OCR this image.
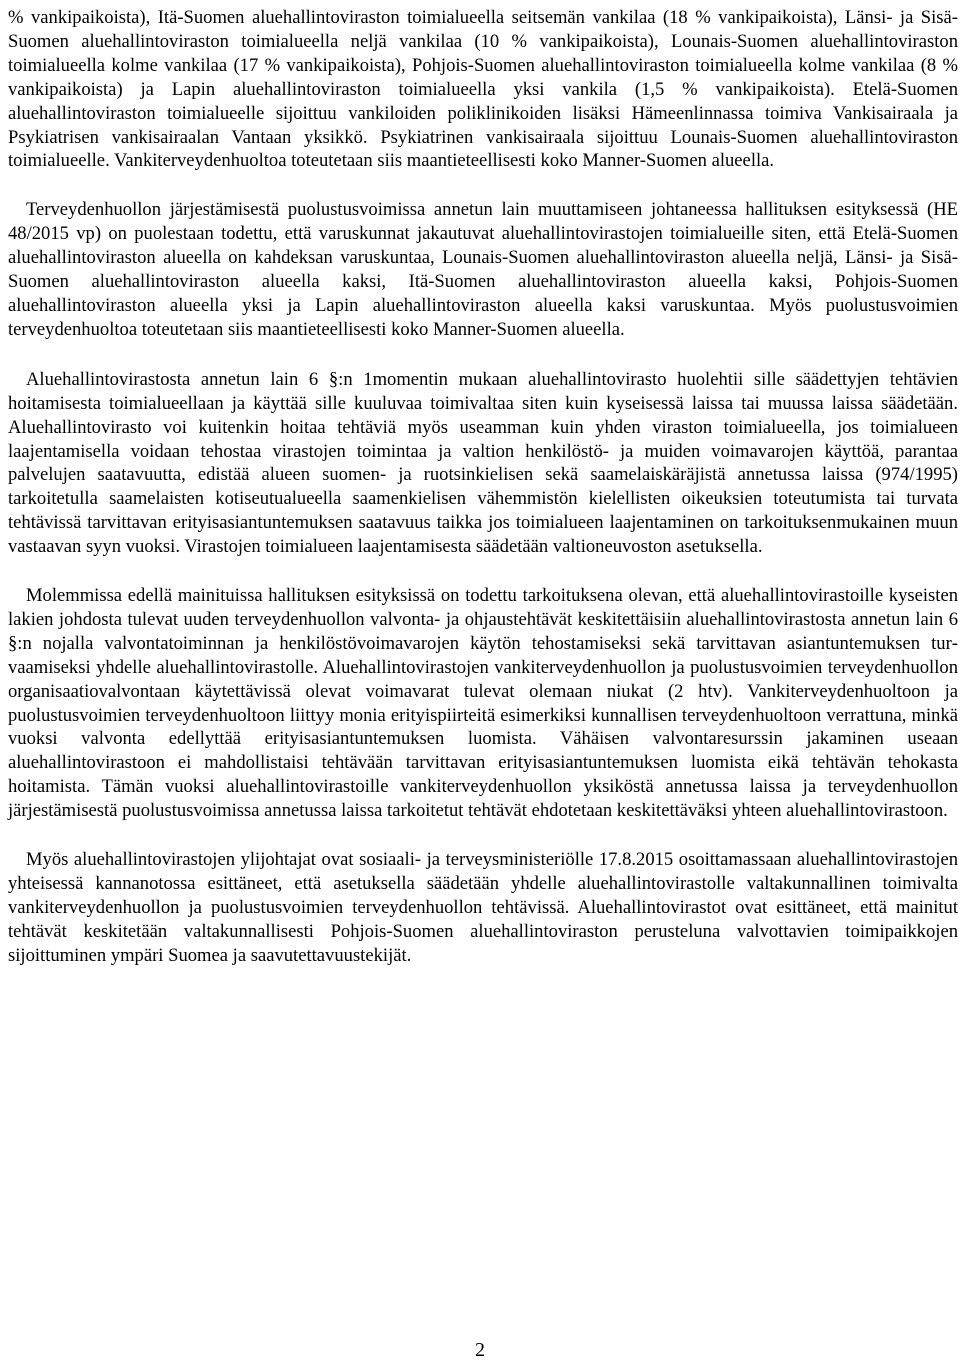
% vankipaikoista), Itä-Suomen aluehallintoviraston toimialueella seitsemän vankilaa (18 % vankipaikoista), Länsi- ja Sisä-Suomen aluehallintoviraston toimialueella neljä vankilaa (10 % vankipaikoista), Lounais-Suomen aluehallintoviraston toimialueella kolme vankilaa (17 % vankipaikoista), Pohjois-Suomen aluehallintoviraston toimialueella kolme vankilaa (8 % vankipaikoista) ja Lapin aluehallintoviraston toimialueella yksi vankila (1,5 % vankipaikoista). Etelä-Suomen aluehallintoviraston toimialueelle sijoittuu vankiloiden poliklinikoiden lisäksi Hämeenlinnassa toimiva Vankisairaala ja Psykiatrisen vankisairaalan Vantaan yksikkö. Psykiatrinen vankisairaala sijoittuu Lounais-Suomen aluehallintoviraston toimialueelle. Vankiterveydenhuoltoa toteutetaan siis maantieteellisesti koko Manner-Suomen alueella.

Terveydenhuollon järjestämisestä puolustusvoimissa annetun lain muuttamiseen johtaneessa hallituksen esityksessä (HE 48/2015 vp) on puolestaan todettu, että varuskunnat jakautuvat aluehallintovirastojen toimialueille siten, että Etelä-Suomen aluehallintoviraston alueella on kahdeksan varuskuntaa, Lounais-Suomen aluehallintoviraston alueella neljä, Länsi- ja Sisä-Suomen aluehallintoviraston alueella kaksi, Itä-Suomen aluehallintoviraston alueella kaksi, Pohjois-Suomen aluehallintoviraston alueella yksi ja Lapin aluehallintoviraston alueella kaksi varuskuntaa. Myös puolustusvoimien terveydenhuoltoa toteutetaan siis maantieteellisesti koko Manner-Suomen alueella.

Aluehallintovirastosta annetun lain 6 §:n 1momentin mukaan aluehallintovirasto huolehtii sille säädettyjen tehtävien hoitamisesta toimialueellaan ja käyttää sille kuuluvaa toimivaltaa siten kuin kyseisessä laissa tai muussa laissa säädetään. Aluehallintovirasto voi kuitenkin hoitaa tehtäviä myös useamman kuin yhden viraston toimialueella, jos toimialueen laajentamisella voidaan tehostaa virastojen toimintaa ja valtion henkilöstö- ja muiden voimavarojen käyttöä, parantaa palvelujen saatavuutta, edistää alueen suomen- ja ruotsinkielisen sekä saamelaiskäräjistä annetussa laissa (974/1995) tarkoitetulla saamelaisten kotiseutualueella saamenkielisen vähemmistön kielellisten oikeuksien toteutumista tai turvata tehtävissä tarvittavan erityisasiantuntemuksen saatavuus taikka jos toimialueen laajentaminen on tarkoituksenmukainen muun vastaavan syyn vuoksi. Virastojen toimialueen laajentamisesta säädetään valtioneuvoston asetuksella.

Molemmissa edellä mainituissa hallituksen esityksissä on todettu tarkoituksena olevan, että aluehallintovirastoille kyseisten lakien johdosta tulevat uuden terveydenhuollon valvonta- ja ohjaustehtävät keskitettäisiin aluehallintovirastosta annetun lain 6 §:n nojalla valvontatoiminnan ja henkilöstövoimavarojen käytön tehostamiseksi sekä tarvittavan asiantuntemuksen turvaamiseksi yhdelle aluehallintovirastolle. Aluehallintovirastojen vankiterveydenhuollon ja puolustusvoimien terveydenhuollon organisaatiovalvontaan käytettävissä olevat voimavarat tulevat olemaan niukat (2 htv). Vankiterveydenhuoltoon ja puolustusvoimien terveydenhuoltoon liittyy monia erityispiirteitä esimerkiksi kunnallisen terveydenhuoltoon verrattuna, minkä vuoksi valvonta edellyttää erityisasiantuntemuksen luomista. Vähäisen valvontaresurssin jakaminen useaan aluehallintovirastoon ei mahdollistaisi tehtävään tarvittavan erityisasiantuntemuksen luomista eikä tehtävän tehokasta hoitamista. Tämän vuoksi aluehallintovirastoille vankiterveydenhuollon yksiköstä annetussa laissa ja terveydenhuollon järjestämisestä puolustusvoimissa annetussa laissa tarkoitetut tehtävät ehdotetaan keskitettäväksi yhteen aluehallintovirastoon.

Myös aluehallintovirastojen ylijohtajat ovat sosiaali- ja terveysministeriölle 17.8.2015 osoittamassaan aluehallintovirastojen yhteisessä kannanotossa esittäneet, että asetuksella säädetään yhdelle aluehallintovirastolle valtakunnallinen toimivalta vankiterveydenhuollon ja puolustusvoimien terveydenhuollon tehtävissä. Aluehallintovirastot ovat esittäneet, että mainitut tehtävät keskitetään valtakunnallisesti Pohjois-Suomen aluehallintoviraston perusteluna valvottavien toimipaikkojen sijoittuminen ympäri Suomea ja saavutettavuustekijät.

2
